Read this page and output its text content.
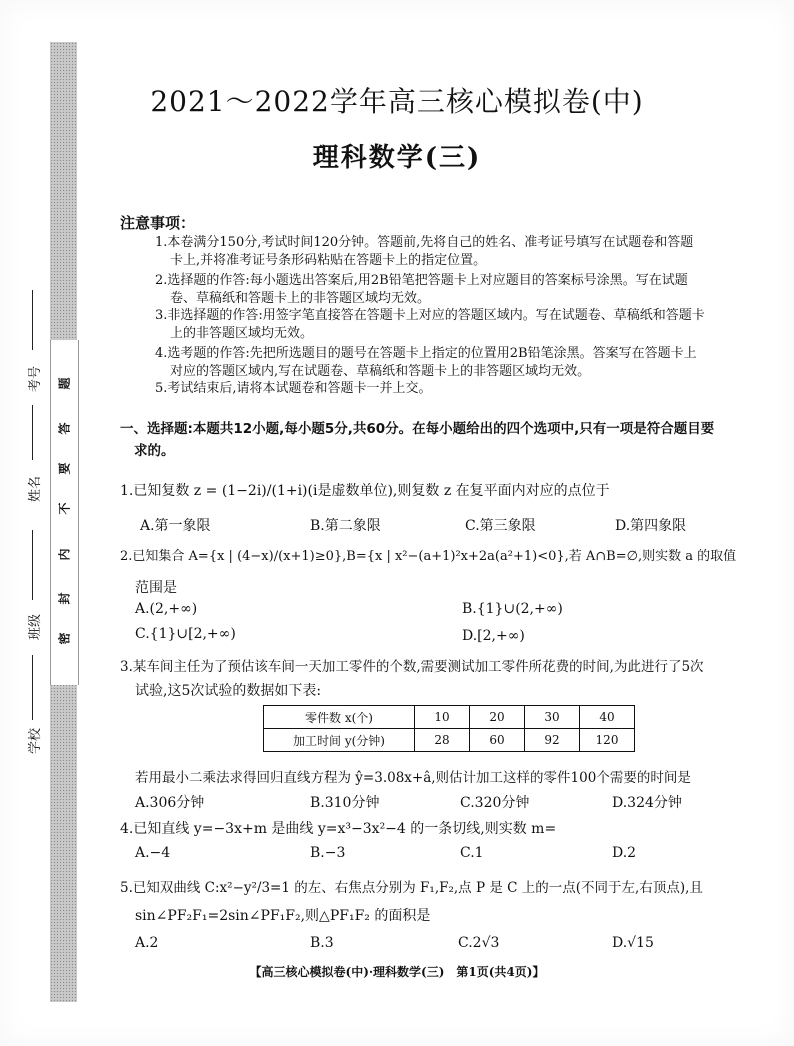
题
答
要
不
内
封
密
考号
姓名
班级
学校
2021～2022学年高三核心模拟卷(中)
理科数学(三)
注意事项：
1.本卷满分150分,考试时间120分钟。答题前,先将自己的姓名、准考证号填写在试题卷和答题
卡上,并将准考证号条形码粘贴在答题卡上的指定位置。
2.选择题的作答:每小题选出答案后,用2B铅笔把答题卡上对应题目的答案标号涂黑。写在试题
卷、草稿纸和答题卡上的非答题区域均无效。
3.非选择题的作答:用签字笔直接答在答题卡上对应的答题区域内。写在试题卷、草稿纸和答题卡
上的非答题区域均无效。
4.选考题的作答:先把所选题目的题号在答题卡上指定的位置用2B铅笔涂黑。答案写在答题卡上
对应的答题区域内,写在试题卷、草稿纸和答题卡上的非答题区域均无效。
5.考试结束后,请将本试题卷和答题卡一并上交。
一、选择题:本题共12小题,每小题5分,共60分。在每小题给出的四个选项中,只有一项是符合题目要
求的。
1.已知复数 z = (1−2i)/(1+i)(i是虚数单位),则复数 z 在复平面内对应的点位于
A.第一象限	B.第二象限	C.第三象限	D.第四象限
2.已知集合 A={x | (4−x)/(x+1)≥0},B={x | x²−(a+1)²x+2a(a²+1)<0},若 A∩B=∅,则实数 a 的取值
范围是
A.(2,+∞)	B.{1}∪(2,+∞)
C.{1}∪[2,+∞)	D.[2,+∞)
3.某车间主任为了预估该车间一天加工零件的个数,需要测试加工零件所花费的时间,为此进行了5次
试验,这5次试验的数据如下表:
零件数 x(个)	10	20	30	40
加工时间 y(分钟)	28	60	92	120
若用最小二乘法求得回归直线方程为 ŷ=3.08x+â,则估计加工这样的零件100个需要的时间是
A.306分钟	B.310分钟	C.320分钟	D.324分钟
4.已知直线 y=−3x+m 是曲线 y=x³−3x²−4 的一条切线,则实数 m=
A.−4	B.−3	C.1	D.2
5.已知双曲线 C:x²−y²/3=1 的左、右焦点分别为 F₁,F₂,点 P 是 C 上的一点(不同于左,右顶点),且
sin∠PF₂F₁=2sin∠PF₁F₂,则△PF₁F₂ 的面积是
A.2	B.3	C.2√3	D.√15
【高三核心模拟卷(中)·理科数学(三)　第1页(共4页)】
